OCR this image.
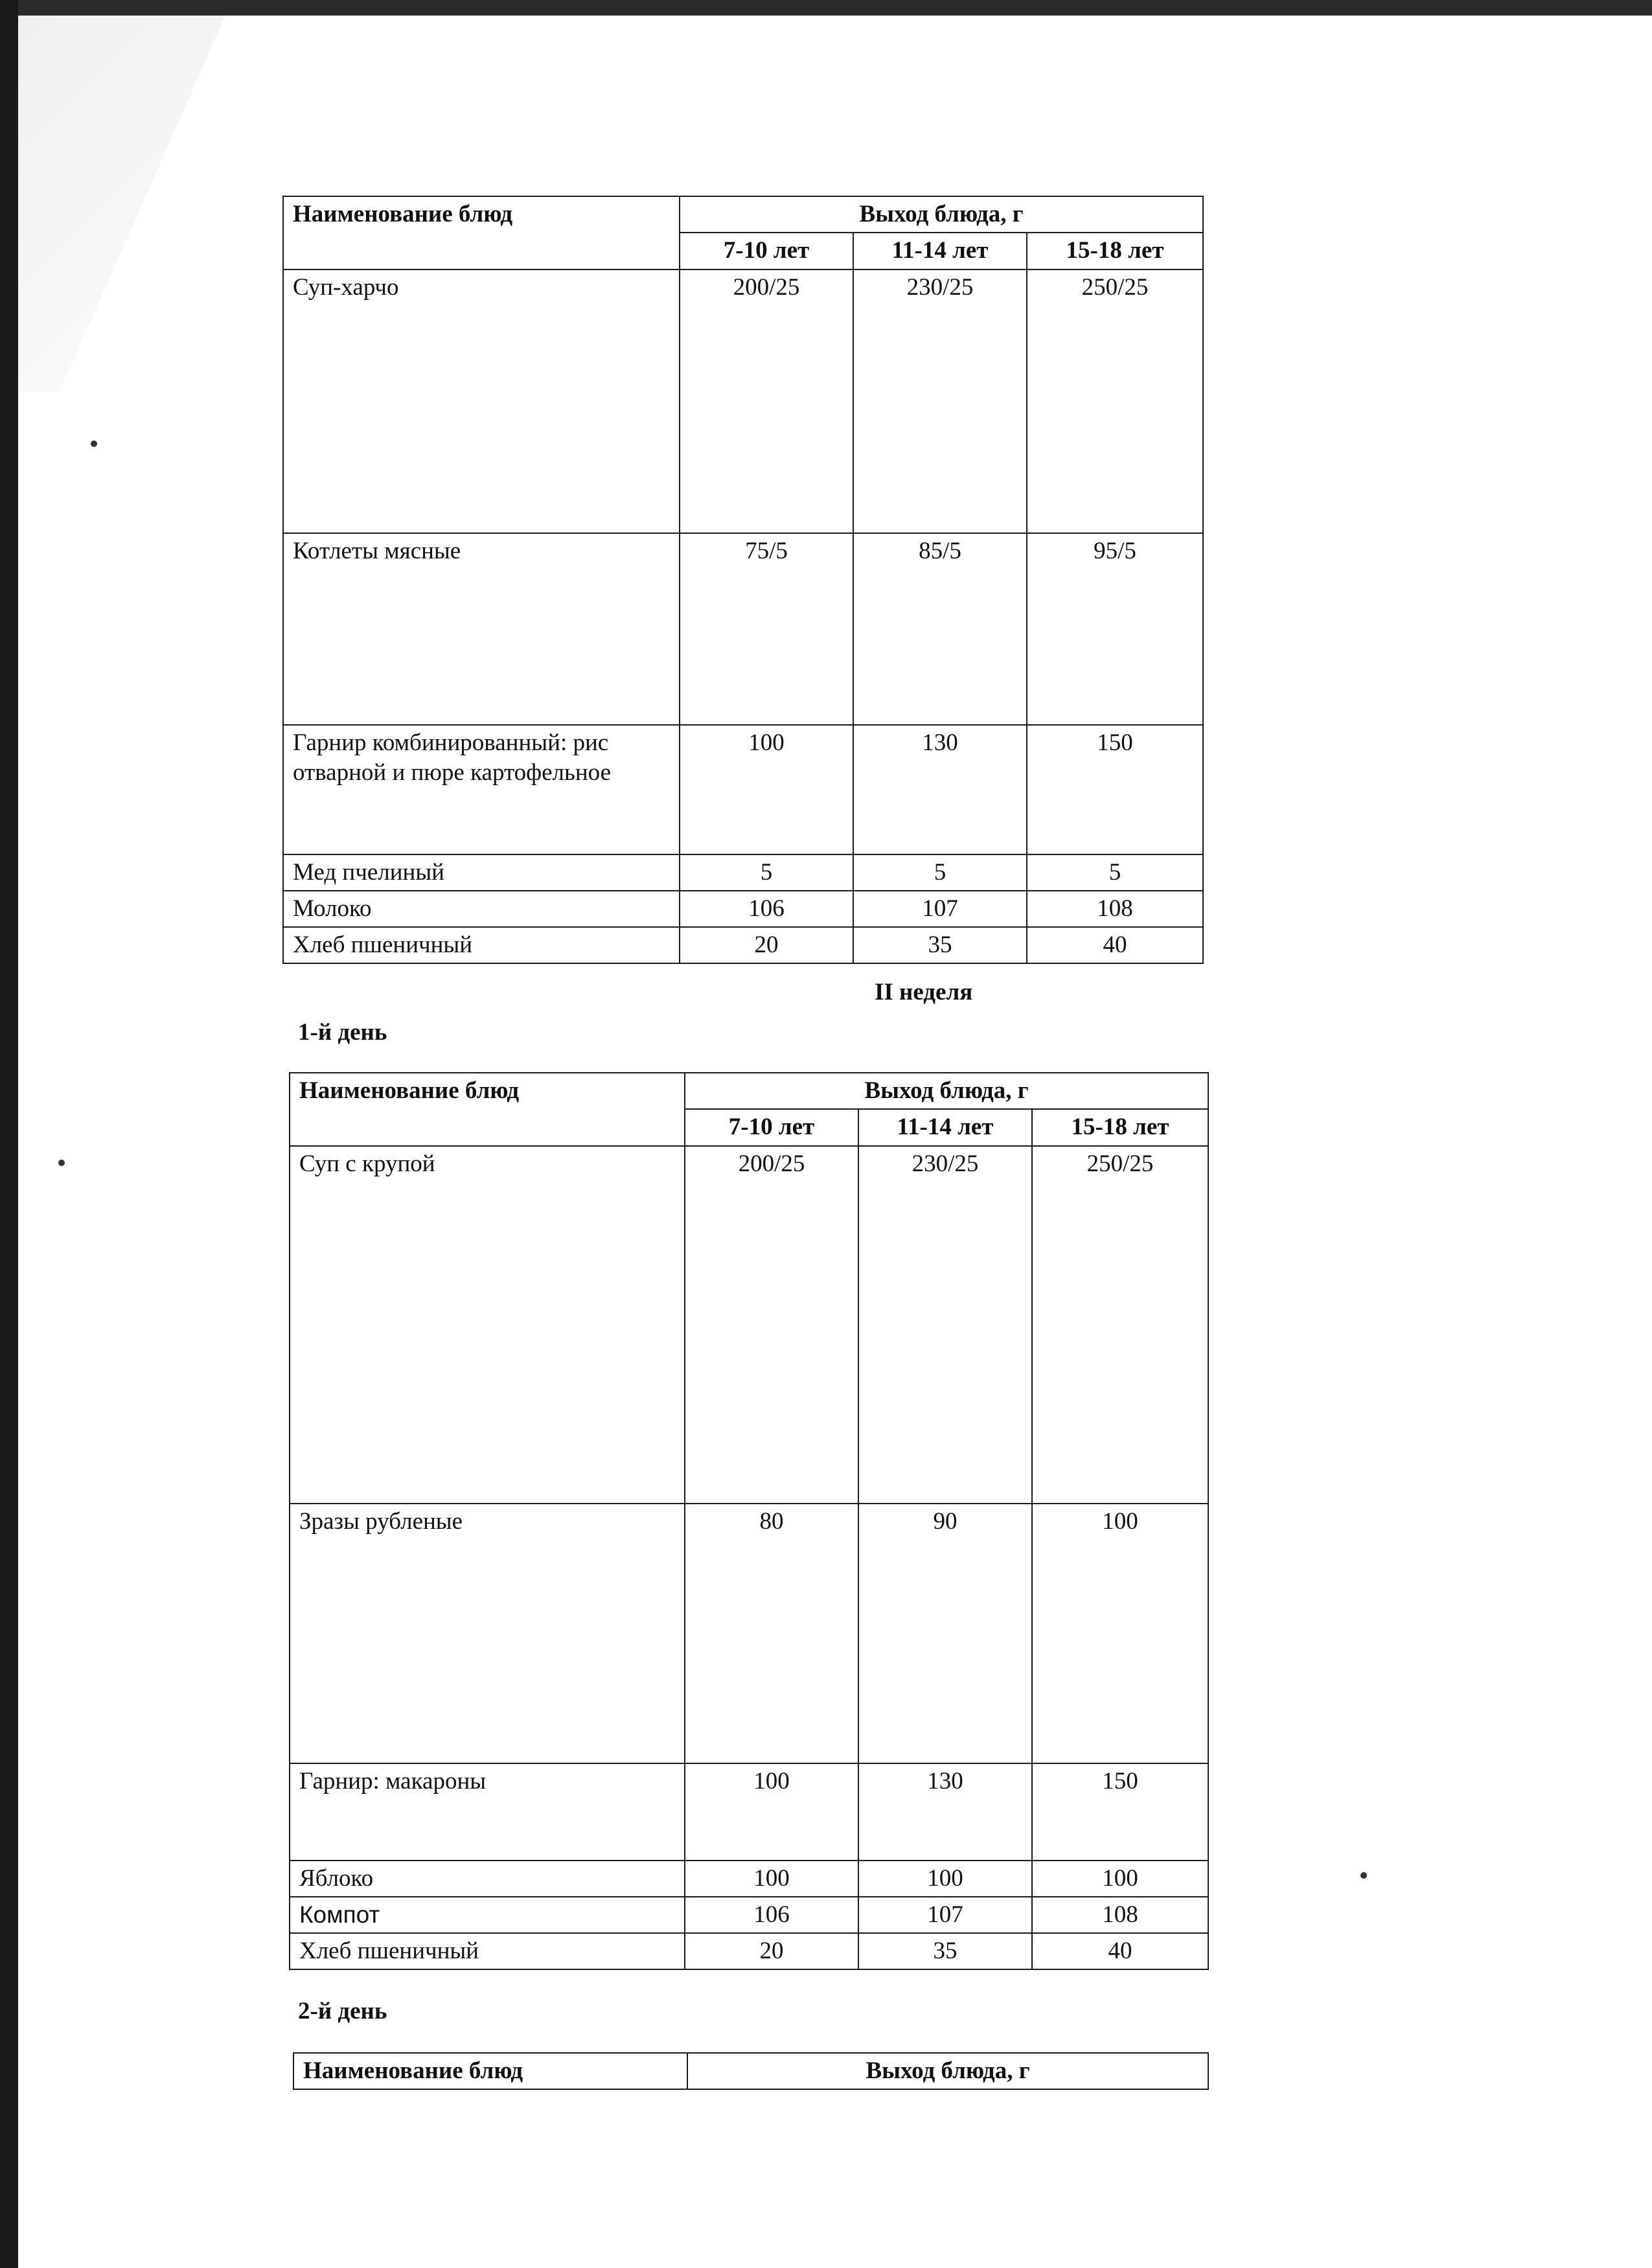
Наименование блюд	Выход блюда, г		
	7-10 лет	11-14 лет	15-18 лет
Суп-харчо	200/25	230/25	250/25
Котлеты мясные	75/5	85/5	95/5
Гарнир комбинированный: рис отварной и пюре картофельное	100	130	150
Мед пчелиный	5	5	5
Молоко	106	107	108
Хлеб пшеничный	20	35	40
II неделя
1-й день
Наименование блюд	Выход блюда, г		
	7-10 лет	11-14 лет	15-18 лет
Суп с крупой	200/25	230/25	250/25
Зразы рубленые	80	90	100
Гарнир: макароны	100	130	150
Яблоко	100	100	100
Компот	106	107	108
Хлеб пшеничный	20	35	40
2-й день
Наименование блюд	Выход блюда, г
